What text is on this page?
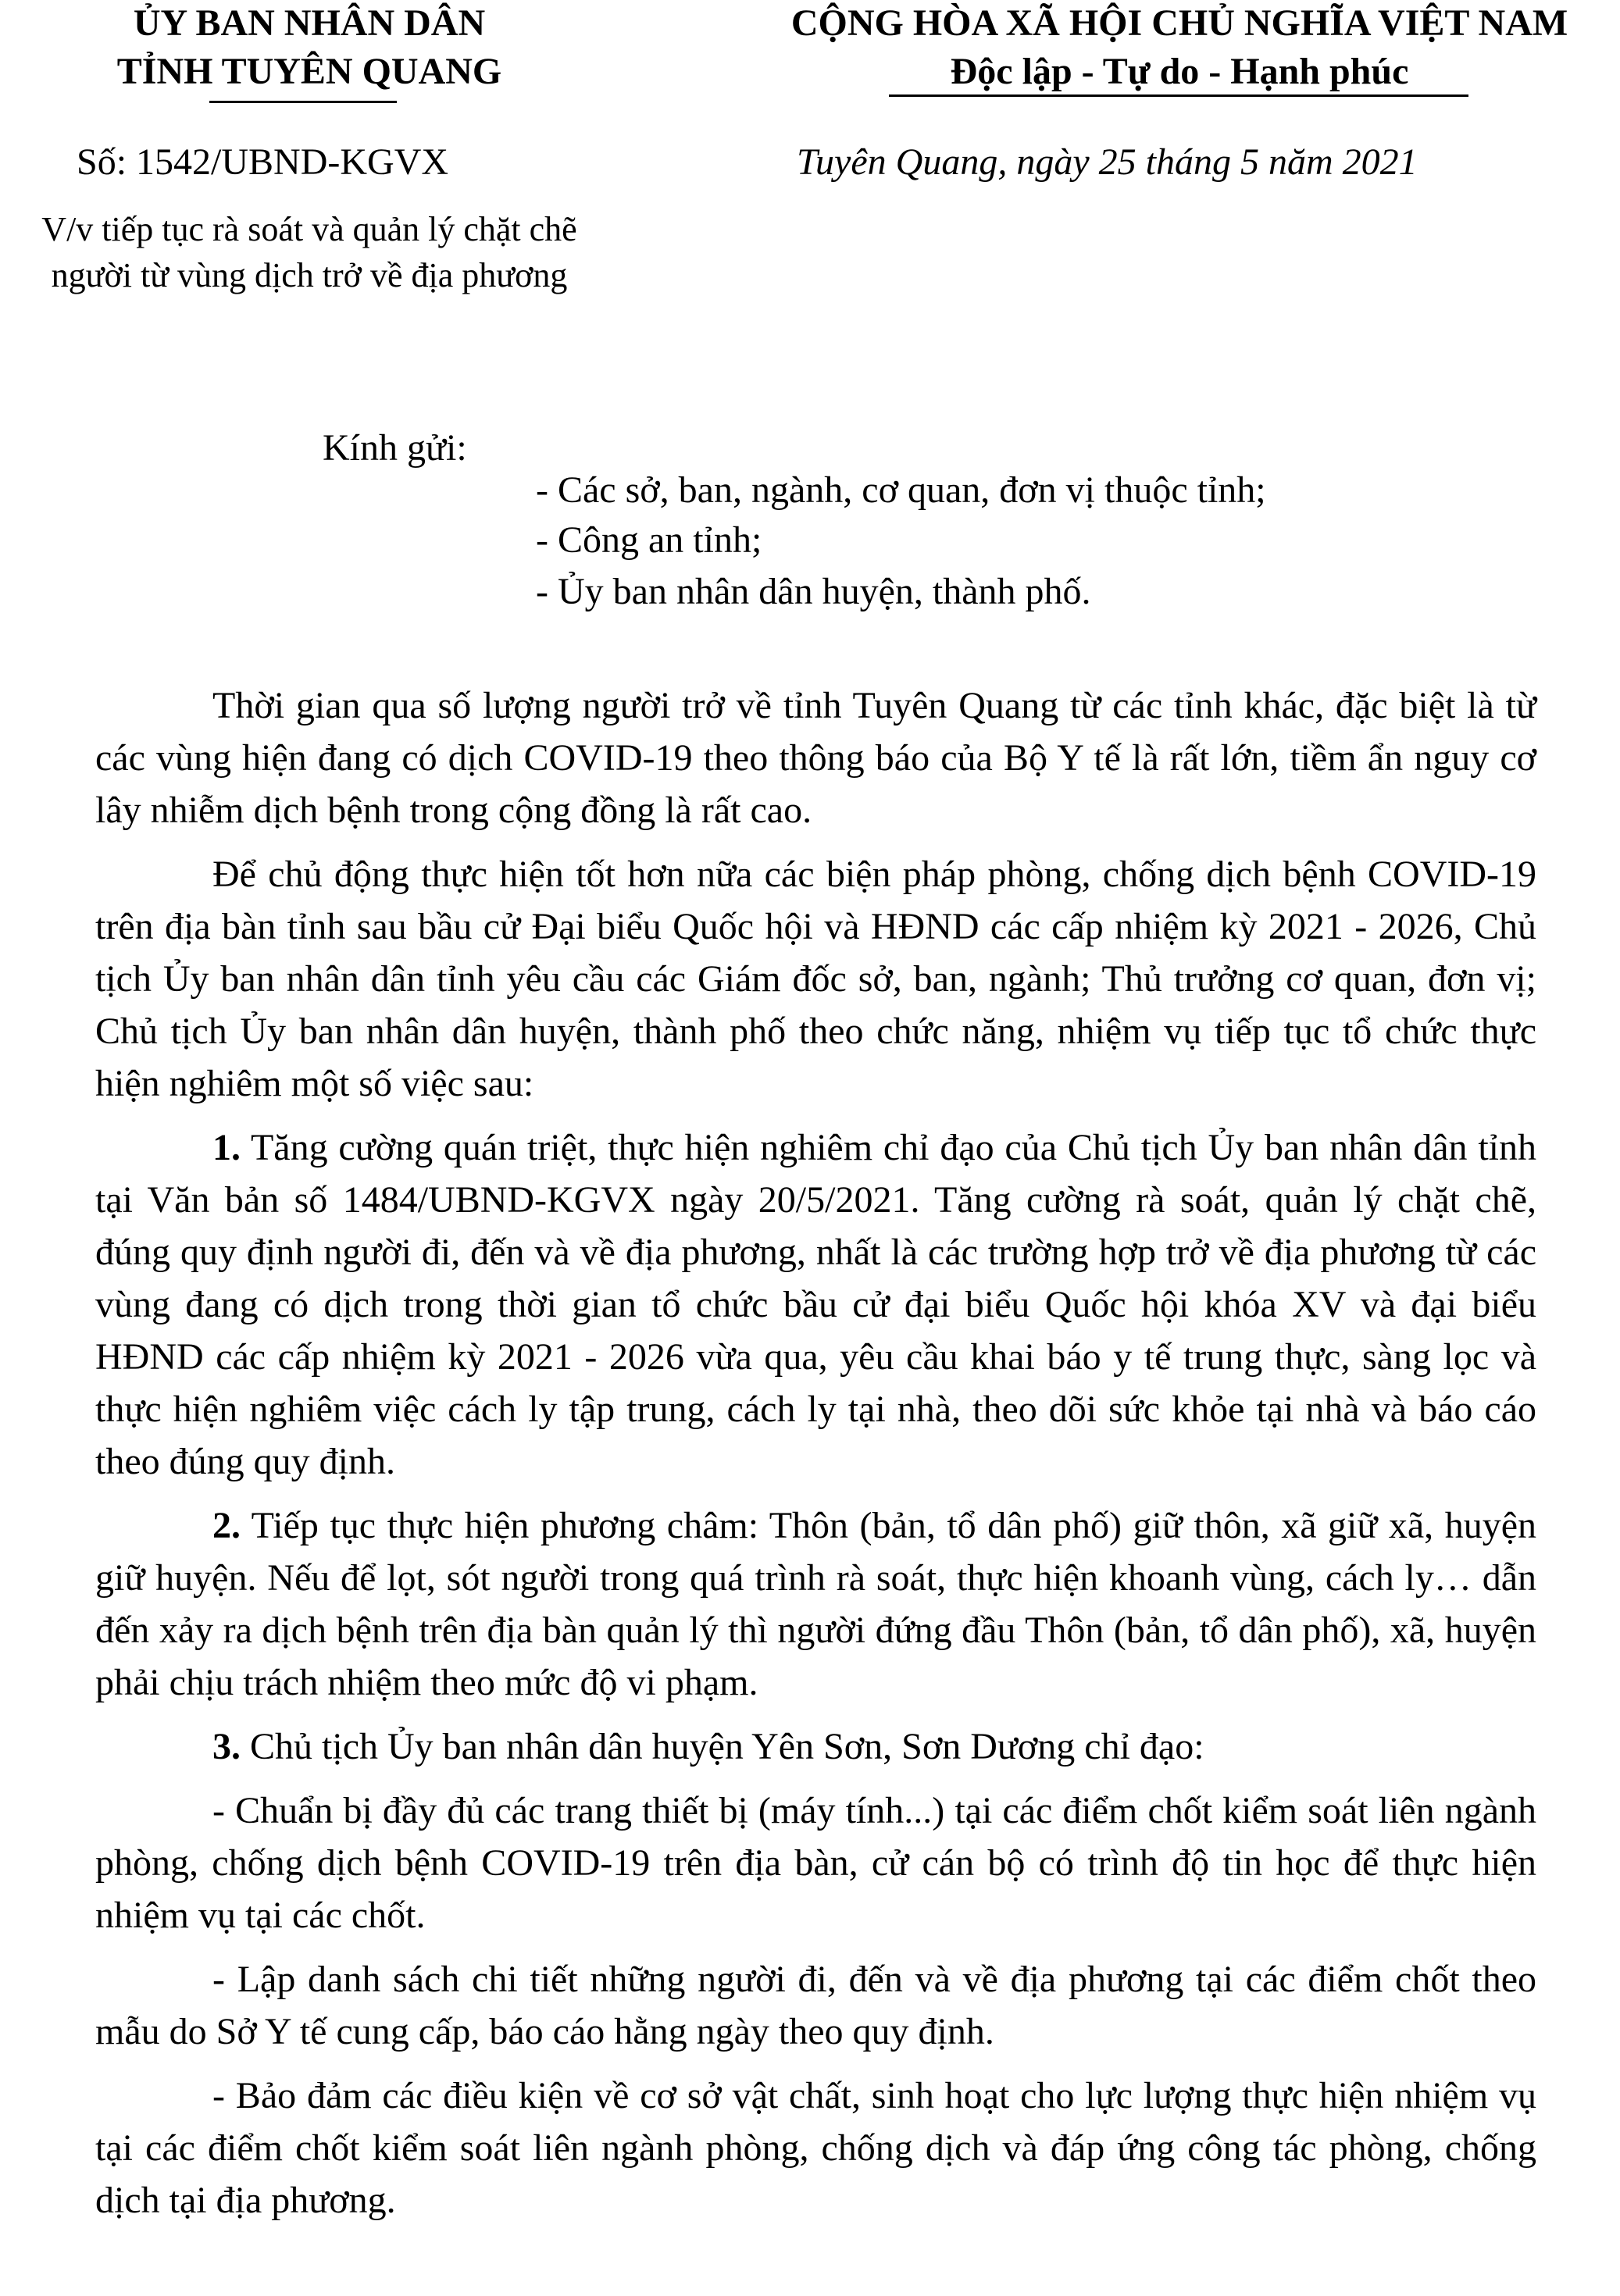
ỦY BAN NHÂN DÂN
TỈNH TUYÊN QUANG
CỘNG HÒA XÃ HỘI CHỦ NGHĨA VIỆT NAM
Độc lập - Tự do - Hạnh phúc
Số: 1542/UBND-KGVX	Tuyên Quang, ngày 25 tháng 5 năm 2021
V/v tiếp tục rà soát và quản lý chặt chẽ
người từ vùng dịch trở về địa phương
Kính gửi:
- Các sở, ban, ngành, cơ quan, đơn vị thuộc tỉnh;
- Công an tỉnh;
- Ủy ban nhân dân huyện, thành phố.

Thời gian qua số lượng người trở về tỉnh Tuyên Quang từ các tỉnh khác, đặc biệt là từ các vùng hiện đang có dịch COVID-19 theo thông báo của Bộ Y tế là rất lớn, tiềm ẩn nguy cơ lây nhiễm dịch bệnh trong cộng đồng là rất cao.

Để chủ động thực hiện tốt hơn nữa các biện pháp phòng, chống dịch bệnh COVID-19 trên địa bàn tỉnh sau bầu cử Đại biểu Quốc hội và HĐND các cấp nhiệm kỳ 2021 - 2026, Chủ tịch Ủy ban nhân dân tỉnh yêu cầu các Giám đốc sở, ban, ngành; Thủ trưởng cơ quan, đơn vị; Chủ tịch Ủy ban nhân dân huyện, thành phố theo chức năng, nhiệm vụ tiếp tục tổ chức thực hiện nghiêm một số việc sau:

1. Tăng cường quán triệt, thực hiện nghiêm chỉ đạo của Chủ tịch Ủy ban nhân dân tỉnh tại Văn bản số 1484/UBND-KGVX ngày 20/5/2021. Tăng cường rà soát, quản lý chặt chẽ, đúng quy định người đi, đến và về địa phương, nhất là các trường hợp trở về địa phương từ các vùng đang có dịch trong thời gian tổ chức bầu cử đại biểu Quốc hội khóa XV và đại biểu HĐND các cấp nhiệm kỳ 2021 - 2026 vừa qua, yêu cầu khai báo y tế trung thực, sàng lọc và thực hiện nghiêm việc cách ly tập trung, cách ly tại nhà, theo dõi sức khỏe tại nhà và báo cáo theo đúng quy định.

2. Tiếp tục thực hiện phương châm: Thôn (bản, tổ dân phố) giữ thôn, xã giữ xã, huyện giữ huyện. Nếu để lọt, sót người trong quá trình rà soát, thực hiện khoanh vùng, cách ly… dẫn đến xảy ra dịch bệnh trên địa bàn quản lý thì người đứng đầu Thôn (bản, tổ dân phố), xã, huyện phải chịu trách nhiệm theo mức độ vi phạm.

3. Chủ tịch Ủy ban nhân dân huyện Yên Sơn, Sơn Dương chỉ đạo:

- Chuẩn bị đầy đủ các trang thiết bị (máy tính...) tại các điểm chốt kiểm soát liên ngành phòng, chống dịch bệnh COVID-19 trên địa bàn, cử cán bộ có trình độ tin học để thực hiện nhiệm vụ tại các chốt.

- Lập danh sách chi tiết những người đi, đến và về địa phương tại các điểm chốt theo mẫu do Sở Y tế cung cấp, báo cáo hằng ngày theo quy định.

- Bảo đảm các điều kiện về cơ sở vật chất, sinh hoạt cho lực lượng thực hiện nhiệm vụ tại các điểm chốt kiểm soát liên ngành phòng, chống dịch và đáp ứng công tác phòng, chống dịch tại địa phương.
